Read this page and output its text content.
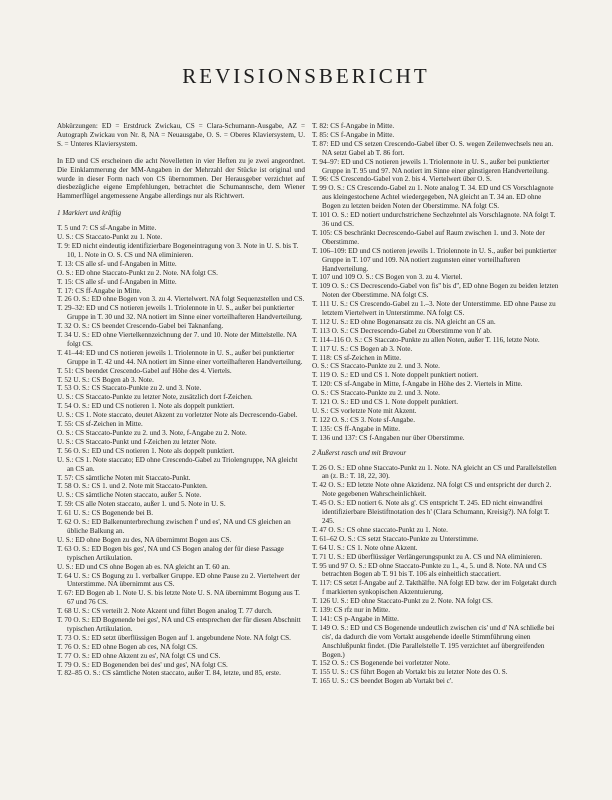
REVISIONSBERICHT

Abkürzungen: ED = Erstdruck Zwickau, CS = Clara-Schumann-Ausgabe, AZ = Autograph Zwickau von Nr. 8, NA = Neuausgabe, O. S. = Oberes Klaviersystem, U. S. = Unteres Klaviersystem.

In ED und CS erscheinen die acht Novelletten in vier Heften zu je zwei angeordnet. Die Einklammerung der MM-Angaben in der Mehrzahl der Stücke ist original und wurde in dieser Form nach von CS übernommen. Der Herausgeber verzichtet auf diesbezügliche eigene Empfehlungen, betrachtet die Schumannsche, dem Wiener Hammerflügel angemessene Angabe allerdings nur als Richtwert.

1 Markiert und kräftig
T. 5 und 7: CS sf-Angabe in Mitte.
U. S.: CS Staccato-Punkt zu 1. Note.
T. 9: ED nicht eindeutig identifizierbare Bogeneintragung von 3. Note in U. S. bis T. 10, 1. Note in O. S. CS und NA eliminieren.
T. 13: CS alle sf- und f-Angaben in Mitte.
O. S.: ED ohne Staccato-Punkt zu 2. Note. NA folgt CS.
T. 15: CS alle sf- und f-Angaben in Mitte.
T. 17: CS ff-Angabe in Mitte.
T. 26 O. S.: ED ohne Bogen von 3. zu 4. Viertelwert. NA folgt Sequenzstellen und CS.
T. 29–32: ED und CS notieren jeweils 1. Triolennote in U. S., außer bei punktierter Gruppe in T. 30 und 32. NA notiert im Sinne einer vorteilhafteren Handverteilung.
T. 32 O. S.: CS beendet Crescendo-Gabel bei Taknanfang.
T. 34 U. S.: ED ohne Viertelkennzeichnung der 7. und 10. Note der Mittelstelle. NA folgt CS.
T. 41–44: ED und CS notieren jeweils 1. Triolennote in U. S., außer bei punktierter Gruppe in T. 42 und 44. NA notiert im Sinne einer vorteilhafteren Handverteilung.
T. 51: CS beendet Crescendo-Gabel auf Höhe des 4. Viertels.
T. 52 U. S.: CS Bogen ab 3. Note.
T. 53 O. S.: CS Staccato-Punkte zu 2. und 3. Note.
U. S.: CS Staccato-Punkte zu letzter Note, zusätzlich dort f-Zeichen.
T. 54 O. S.: ED und CS notieren 1. Note als doppelt punktiert.
U. S.: CS 1. Note staccato, deutet Akzent zu vorletzter Note als Decrescendo-Gabel.
T. 55: CS sf-Zeichen in Mitte.
O. S.: CS Staccato-Punkte zu 2. und 3. Note, f-Angabe zu 2. Note.
U. S.: CS Staccato-Punkt und f-Zeichen zu letzter Note.
T. 56 O. S.: ED und CS notieren 1. Note als doppelt punktiert.
U. S.: CS 1. Note staccato; ED ohne Crescendo-Gabel zu Triolengruppe, NA gleicht an CS an.
T. 57: CS sämtliche Noten mit Staccato-Punkt.
T. 58 O. S.: CS 1. und 2. Note mit Staccato-Punkten.
U. S.: CS sämtliche Noten staccato, außer 5. Note.
T. 59: CS alle Noten staccato, außer 1. und 5. Note in U. S.
T. 61 U. S.: CS Bogenende bei B.
T. 62 O. S.: ED Balkenunterbrechung zwischen f' und es', NA und CS gleichen an übliche Balkung an.
U. S.: ED ohne Bogen zu des, NA übernimmt Bogen aus CS.
T. 63 O. S.: ED Bogen bis ges', NA und CS Bogen analog der für diese Passage typischen Artikulation.
U. S.: ED und CS ohne Bogen ab es. NA gleicht an T. 60 an.
T. 64 U. S.: CS Bogung zu 1. verbalker Gruppe. ED ohne Pause zu 2. Viertelwert der Unterstimme. NA übernimmt aus CS.
T. 67: ED Bogen ab 1. Note U. S. bis letzte Note U. S. NA übernimmt Bogung aus T. 67 und 76 CS.
T. 68 U. S.: CS verteilt 2. Note Akzent und führt Bogen analog T. 77 durch.
T. 70 O. S.: ED Bogenende bei ges', NA und CS entsprechen der für diesen Abschnitt typischen Artikulation.
T. 73 O. S.: ED setzt überflüssigen Bogen auf 1. angebundene Note. NA folgt CS.
T. 76 O. S.: ED ohne Bogen ab ces, NA folgt CS.
T. 77 O. S.: ED ohne Akzent zu es', NA folgt CS und CS.
T. 79 O. S.: ED Bogenenden bei des' und ges', NA folgt CS.
T. 82–85 O. S.: CS sämtliche Noten staccato, außer T. 84, letzte, und 85, erste.
T. 82: CS f-Angabe in Mitte.
T. 85: CS f-Angabe in Mitte.
T. 87: ED und CS setzen Crescendo-Gabel über O. S. wegen Zeilenwechsels neu an. NA setzt Gabel ab T. 86 fort.
T. 94–97: ED und CS notieren jeweils 1. Triolennote in U. S., außer bei punktierter Gruppe in T. 95 und 97. NA notiert im Sinne einer günstigeren Handverteilung.
T. 96: CS Crescendo-Gabel von 2. bis 4. Viertelwert über O. S.
T. 99 O. S.: CS Crescendo-Gabel zu 1. Note analog T. 34. ED und CS Vorschlagnote aus kleingestochene Achtel wiedergegeben, NA gleicht an T. 34 an. ED ohne Bogen zu letzten beiden Noten der Oberstimme. NA folgt CS.
T. 101 O. S.: ED notiert undurchstrichene Sechzehntel als Vorschlagnote. NA folgt T. 36 und CS.
T. 105: CS beschränkt Decrescendo-Gabel auf Raum zwischen 1. und 3. Note der Oberstimme.
T. 106–109: ED und CS notieren jeweils 1. Triolennote in U. S., außer bei punktierter Gruppe in T. 107 und 109. NA notiert zugunsten einer vorteilhafteren Handverteilung.
T. 107 und 109 O. S.: CS Bogen von 3. zu 4. Viertel.
T. 109 O. S.: CS Decrescendo-Gabel von fis'' bis d'', ED ohne Bogen zu beiden letzten Noten der Oberstimme. NA folgt CS.
T. 111 U. S.: CS Crescendo-Gabel zu 1.–3. Note der Unterstimme. ED ohne Pause zu letztem Viertelwert in Unterstimme. NA folgt CS.
T. 112 U. S.: ED ohne Bogenansatz zu cis. NA gleicht an CS an.
T. 113 O. S.: CS Decrescendo-Gabel zu Oberstimme von h' ab.
T. 114–116 O. S.: CS Staccato-Punkte zu allen Noten, außer T. 116, letzte Note.
T. 117 U. S.: CS Bogen ab 3. Note.
T. 118: CS sf-Zeichen in Mitte.
O. S.: CS Staccato-Punkte zu 2. und 3. Note.
T. 119 O. S.: ED und CS 1. Note doppelt punktiert notiert.
T. 120: CS sf-Angabe in Mitte, f-Angabe in Höhe des 2. Viertels in Mitte.
O. S.: CS Staccato-Punkte zu 2. und 3. Note.
T. 121 O. S.: ED und CS 1. Note doppelt punktiert.
U. S.: CS vorletzte Note mit Akzent.
T. 122 O. S.: CS 3. Note sf-Angabe.
T. 135: CS ff-Angabe in Mitte.
T. 136 und 137: CS f-Angaben nur über Oberstimme.
2 Äußerst rasch und mit Bravour
T. 26 O. S.: ED ohne Staccato-Punkt zu 1. Note. NA gleicht an CS und Parallelstellen an (z. B.: T. 18, 22, 30).
T. 42 O. S.: ED letzte Note ohne Akzidenz. NA folgt CS und entspricht der durch 2. Note gegebenen Wahrscheinlichkeit.
T. 45 O. S.: ED notiert 6. Note als g'. CS entspricht T. 245. ED nicht einwandfrei identifizierbare Bleistiftnotation des h' (Clara Schumann, Kreisig?). NA folgt T. 245.
T. 47 O. S.: CS ohne staccato-Punkt zu 1. Note.
T. 61–62 O. S.: CS setzt Staccato-Punkte zu Unterstimme.
T. 64 U. S.: CS 1. Note ohne Akzent.
T. 71 U. S.: ED überflüssiger Verlängerungspunkt zu A. CS und NA eliminieren.
T. 95 und 97 O. S.: ED ohne Staccato-Punkte zu 1., 4., 5. und 8. Note. NA und CS betrachten Bogen ab T. 91 bis T. 106 als einheitlich staccatiert.
T. 117: CS setzt f-Angabe auf 2. Takthälfte. NA folgt ED bzw. der im Folgetakt durch f markierten synkopischen Akzentuierung.
T. 126 U. S.: ED ohne Staccato-Punkt zu 2. Note. NA folgt CS.
T. 139: CS rfz nur in Mitte.
T. 141: CS p-Angabe in Mitte.
T. 149 O. S.: ED und CS Bogenende undeutlich zwischen cis' und d' NA schließe bei cis', da dadurch die vom Vortakt ausgehende ideelle Stimmführung einen Anschlußpunkt findet. (Die Parallelstelle T. 195 verzichtet auf übergreifenden Bogen.)
T. 152 O. S.: CS Bogenende bei vorletzter Note.
T. 155 U. S.: CS führt Bogen ab Vortakt bis zu letzter Note des O. S.
T. 165 U. S.: CS beendet Bogen ab Vortakt bei c'.
